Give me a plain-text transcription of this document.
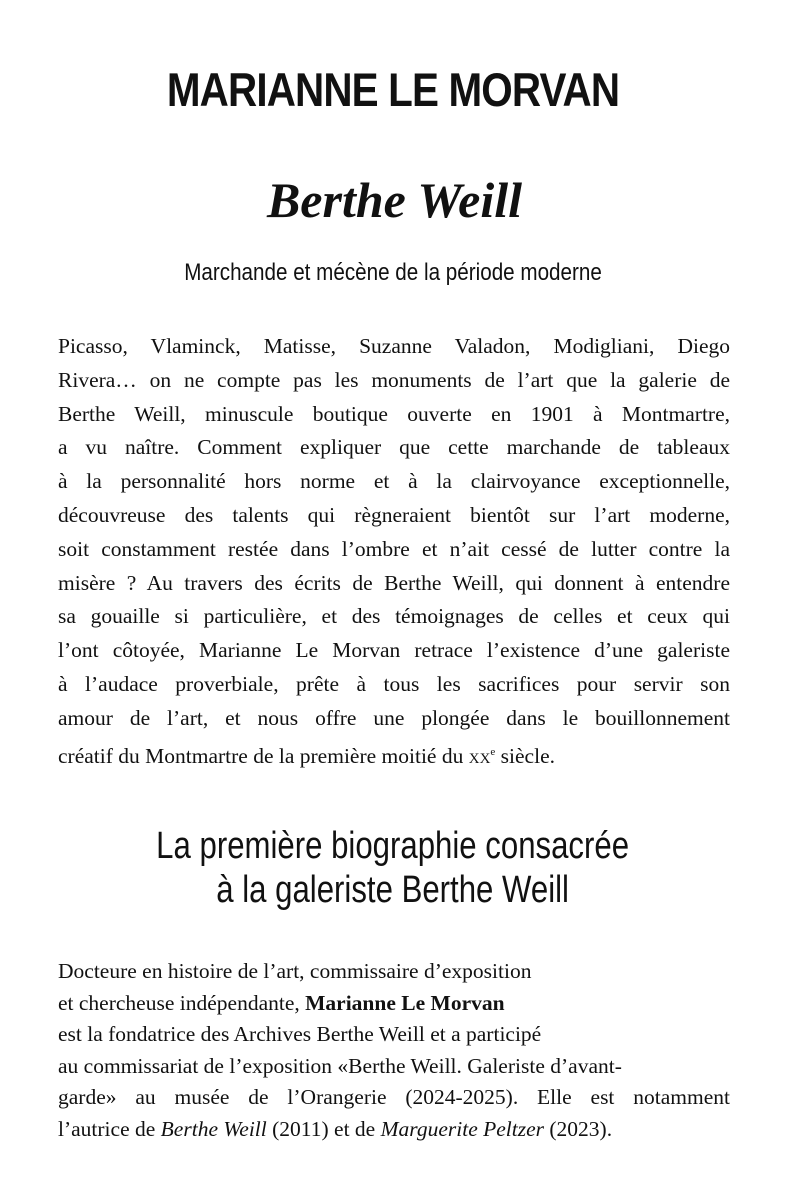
MARIANNE LE MORVAN
Berthe Weill

Marchande et mécène de la période moderne

Picasso, Vlaminck, Matisse, Suzanne Valadon, Modigliani, Diego
Rivera… on ne compte pas les monuments de l’art que la galerie de
Berthe Weill, minuscule boutique ouverte en 1901 à Montmartre,
a vu naître. Comment expliquer que cette marchande de tableaux
à la personnalité hors norme et à la clairvoyance exceptionnelle,
découvreuse des talents qui règneraient bientôt sur l’art moderne,
soit constamment restée dans l’ombre et n’ait cessé de lutter contre la
misère ? Au travers des écrits de Berthe Weill, qui donnent à entendre
sa gouaille si particulière, et des témoignages de celles et ceux qui
l’ont côtoyée, Marianne Le Morvan retrace l’existence d’une galeriste
à l’audace proverbiale, prête à tous les sacrifices pour servir son
amour de l’art, et nous offre une plongée dans le bouillonnement
créatif du Montmartre de la première moitié du $xx^e$ siècle.
La première biographie consacrée
à la galeriste Berthe Weill
Docteure en histoire de l’art, commissaire d’exposition
et chercheuse indépendante, Marianne Le Morvan
est la fondatrice des Archives Berthe Weill et a participé
au commissariat de l’exposition «Berthe Weill. Galeriste d’avant-
garde» au musée de l’Orangerie (2024-2025). Elle est notamment
l’autrice de Berthe Weill (2011) et de Marguerite Peltzer (2023).
